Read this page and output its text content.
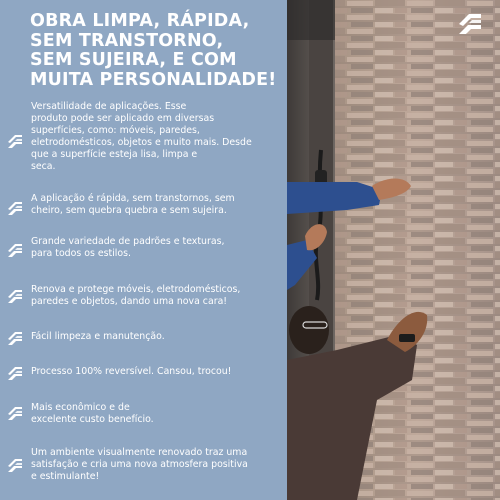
OBRA LIMPA, RÁPIDA,
SEM TRANSTORNO,
SEM SUJEIRA, E COM
MUITA PERSONALIDADE!
Versatilidade de aplicações. Esse
produto pode ser aplicado em diversas
superfícies, como: móveis, paredes,
eletrodomésticos, objetos e muito mais. Desde
que a superfície esteja lisa, limpa e
seca.
A aplicação é rápida, sem transtornos, sem
cheiro, sem quebra quebra e sem sujeira.
Grande variedade de padrões e texturas,
para todos os estilos.
Renova e protege móveis, eletrodomésticos,
paredes e objetos, dando uma nova cara!
Fácil limpeza e manutenção.
Processo 100% reversível. Cansou, trocou!
Mais econômico e de
excelente custo benefício.
Um ambiente visualmente renovado traz uma
satisfação e cria uma nova atmosfera positiva
e estimulante!
